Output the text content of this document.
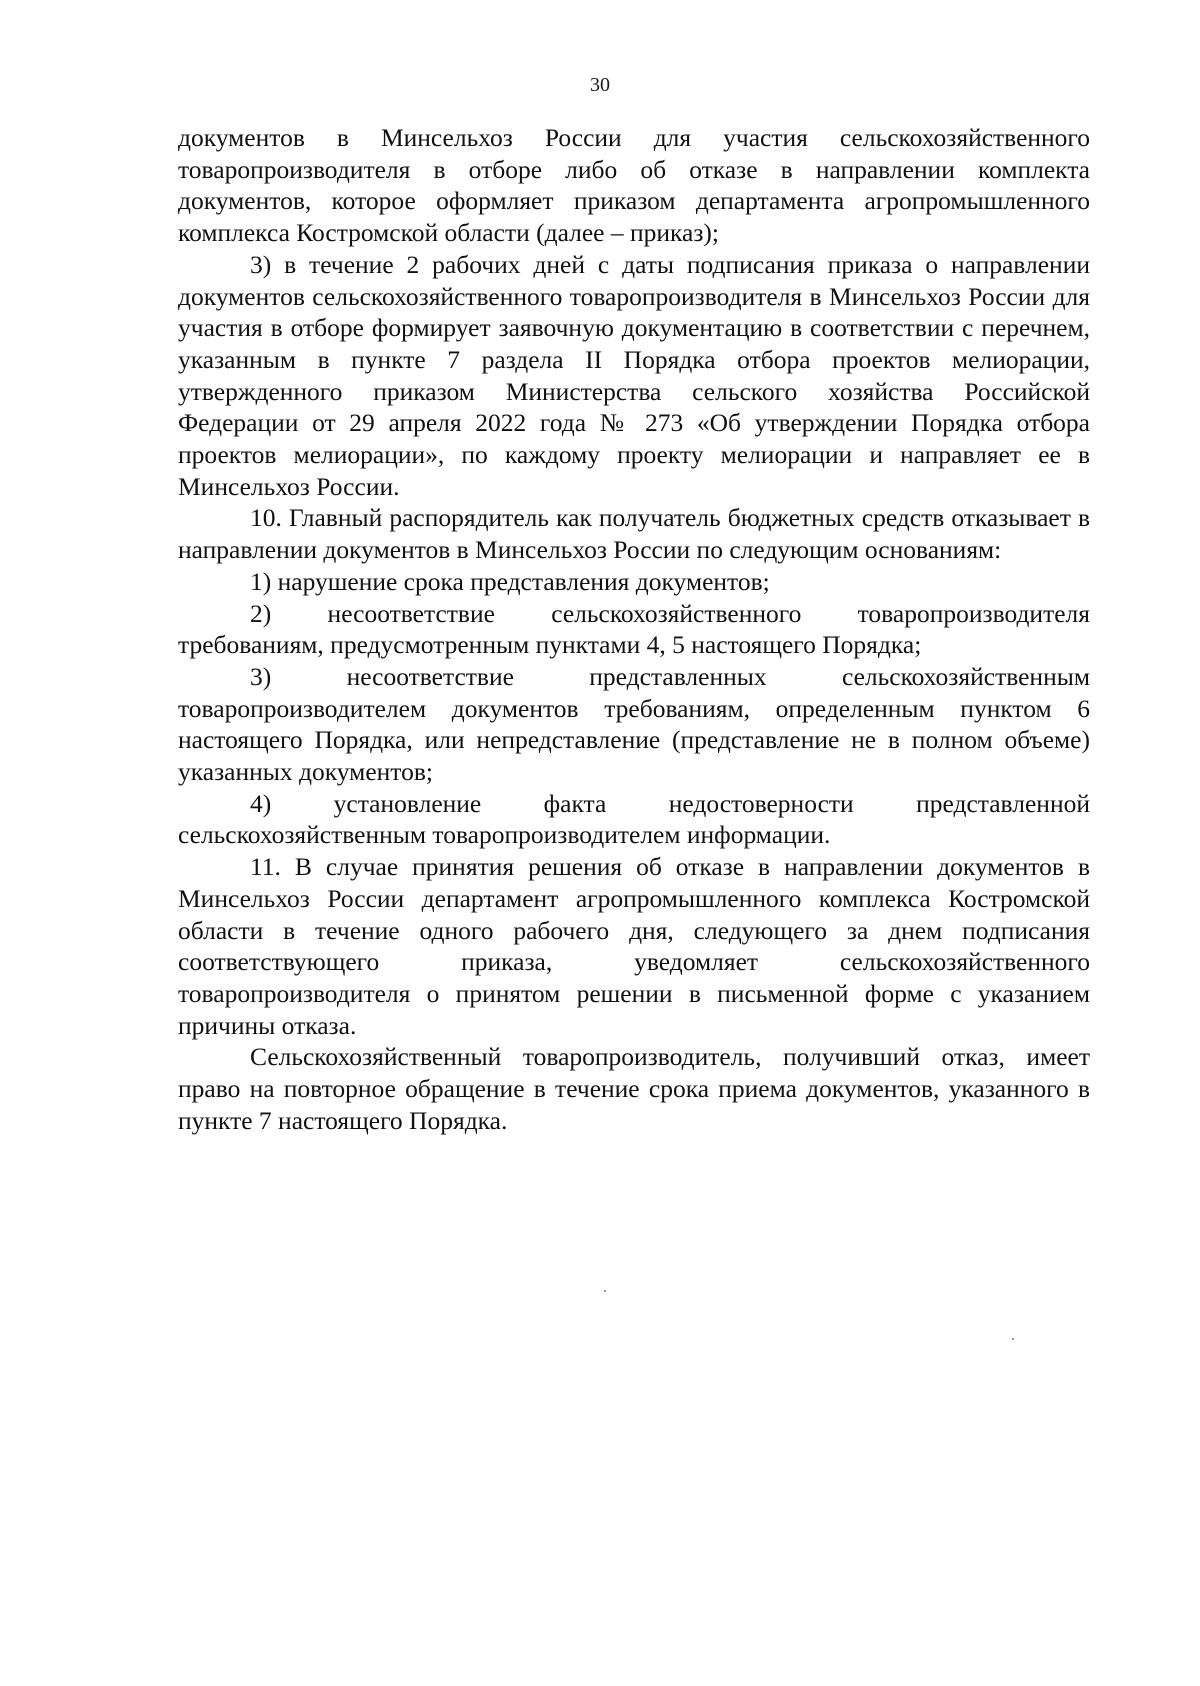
30

документов в Минсельхоз России для участия сельскохозяйственного товаропроизводителя в отборе либо об отказе в направлении комплекта документов, которое оформляет приказом департамента агропромышленного комплекса Костромской области (далее – приказ);

3) в течение 2 рабочих дней с даты подписания приказа о направлении документов сельскохозяйственного товаропроизводителя в Минсельхоз России для участия в отборе формирует заявочную документацию в соответствии с перечнем, указанным в пункте 7 раздела II Порядка отбора проектов мелиорации, утвержденного приказом Министерства сельского хозяйства Российской Федерации от 29 апреля 2022 года № 273 «Об утверждении Порядка отбора проектов мелиорации», по каждому проекту мелиорации и направляет ее в Минсельхоз России.

10. Главный распорядитель как получатель бюджетных средств отказывает в направлении документов в Минсельхоз России по следующим основаниям:

1) нарушение срока представления документов;

2) несоответствие сельскохозяйственного товаропроизводителя требованиям, предусмотренным пунктами 4, 5 настоящего Порядка;

3) несоответствие представленных сельскохозяйственным товаропроизводителем документов требованиям, определенным пунктом 6 настоящего Порядка, или непредставление (представление не в полном объеме) указанных документов;

4) установление факта недостоверности представленной сельскохозяйственным товаропроизводителем информации.

11. В случае принятия решения об отказе в направлении документов в Минсельхоз России департамент агропромышленного комплекса Костромской области в течение одного рабочего дня, следующего за днем подписания соответствующего приказа, уведомляет сельскохозяйственного товаропроизводителя о принятом решении в письменной форме с указанием причины отказа.

Сельскохозяйственный товаропроизводитель, получивший отказ, имеет право на повторное обращение в течение срока приема документов, указанного в пункте 7 настоящего Порядка.
